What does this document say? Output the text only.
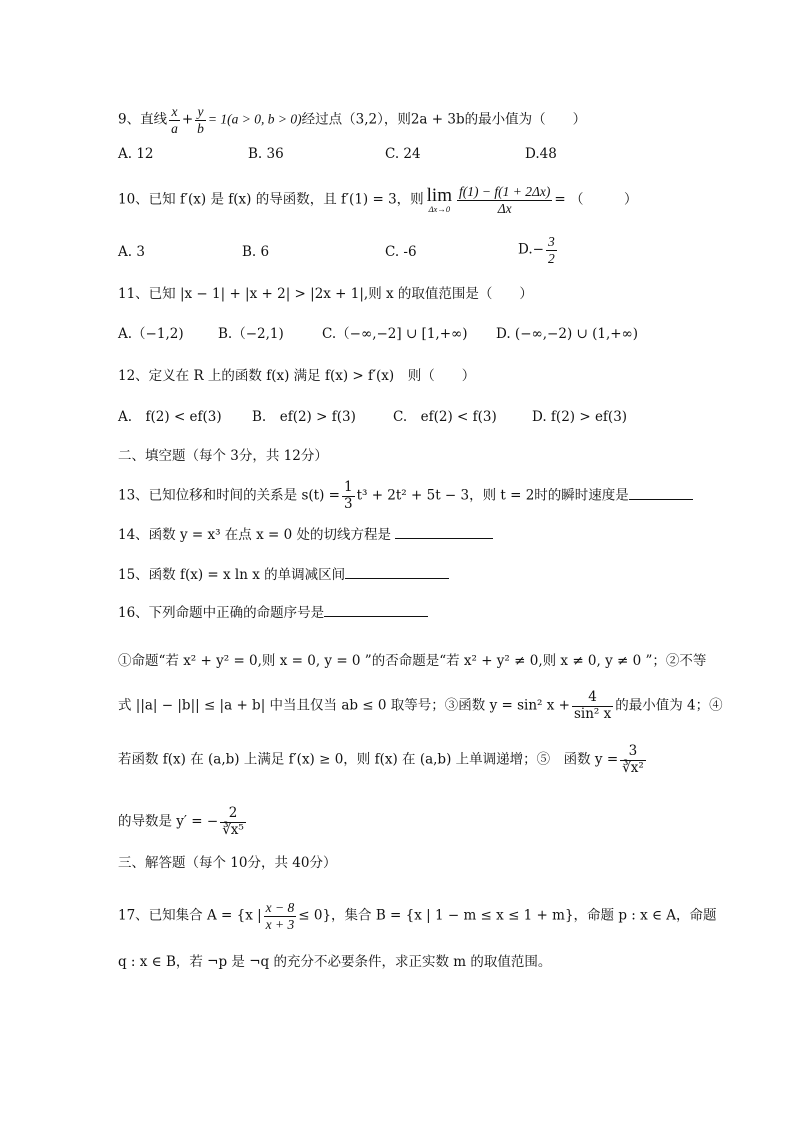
9、直线 $\frac{x}{a} + \frac{y}{b} = 1(a > 0$, b > 0)经过点（3,2），则2a + 3b的最小值为（　　）
A. 12	B. 36	C. 24	D.48
10、已知 f′(x) 是 f(x) 的导函数，且 f′(1) = 3，则 lim
$\Delta x\to 0 \frac{f(1) - f(1 + 2\Delta x)}{\Delta x}$ = （　　　）
A. 3	B. 6	C. -6	$D.- \frac{3}{2}$
11、已知 |x − 1| + |x + 2| > |2x + 1|,则 x 的取值范围是（　　）
A.（−1,2)	B.（−2,1)	C.（−∞,−2] ∪ [1,+∞) D. (−∞,−2) ∪ (1,+∞)
12、定义在 R 上的函数 f(x) 满足 f(x) > f′(x)　则（　　）
A.　f(2) < ef(3) B.　ef(2) > f(3)	C.　ef(2) < f(3)	D. f(2) > ef(3)
二、填空题（每个 3分，共 12分）
13、已知位移和时间的关系是 $s(t) = \frac{1}{3} t^3 + 2t^2 + 5t - 3$，则 t = 2时的瞬时速度是
14、函数 y = x³ 在点 x = 0 处的切线方程是
15、函数 f(x) = x ln x 的单调减区间
16、下列命题中正确的命题序号是
①命题“若 x² + y² = 0,则 x = 0, y = 0 ”的否命题是“若 x² + y² ≠ 0,则 x ≠ 0, y ≠ 0 ”；②不等
式 ||a| − |b|| ≤ |a + b| 中当且仅当 ab ≤ 0 取等号；③函数 y = sin² $x + \frac{4}{\text{sin² x}}$ 的最小值为 4；④
若函数 f(x) 在 (a,b) 上满足 f′(x) ≥ 0，则 f(x) 在 (a,b) 上单调递增；⑤　函数 $y = \frac{3}{\text{∛x²}}$
的导数是 y′ = − $\frac{2}{\text{∛x⁵}}$
三、解答题（每个 10分，共 40分）
17、已知集合 A = {x | $\frac{x - 8}{x + 3} \le 0$}，集合 B = {x | 1 − m ≤ x ≤ 1 + m}，命题 p : x ∈ A，命题
q : x ∈ B，若 ¬p 是 ¬q 的充分不必要条件，求正实数 m 的取值范围。
